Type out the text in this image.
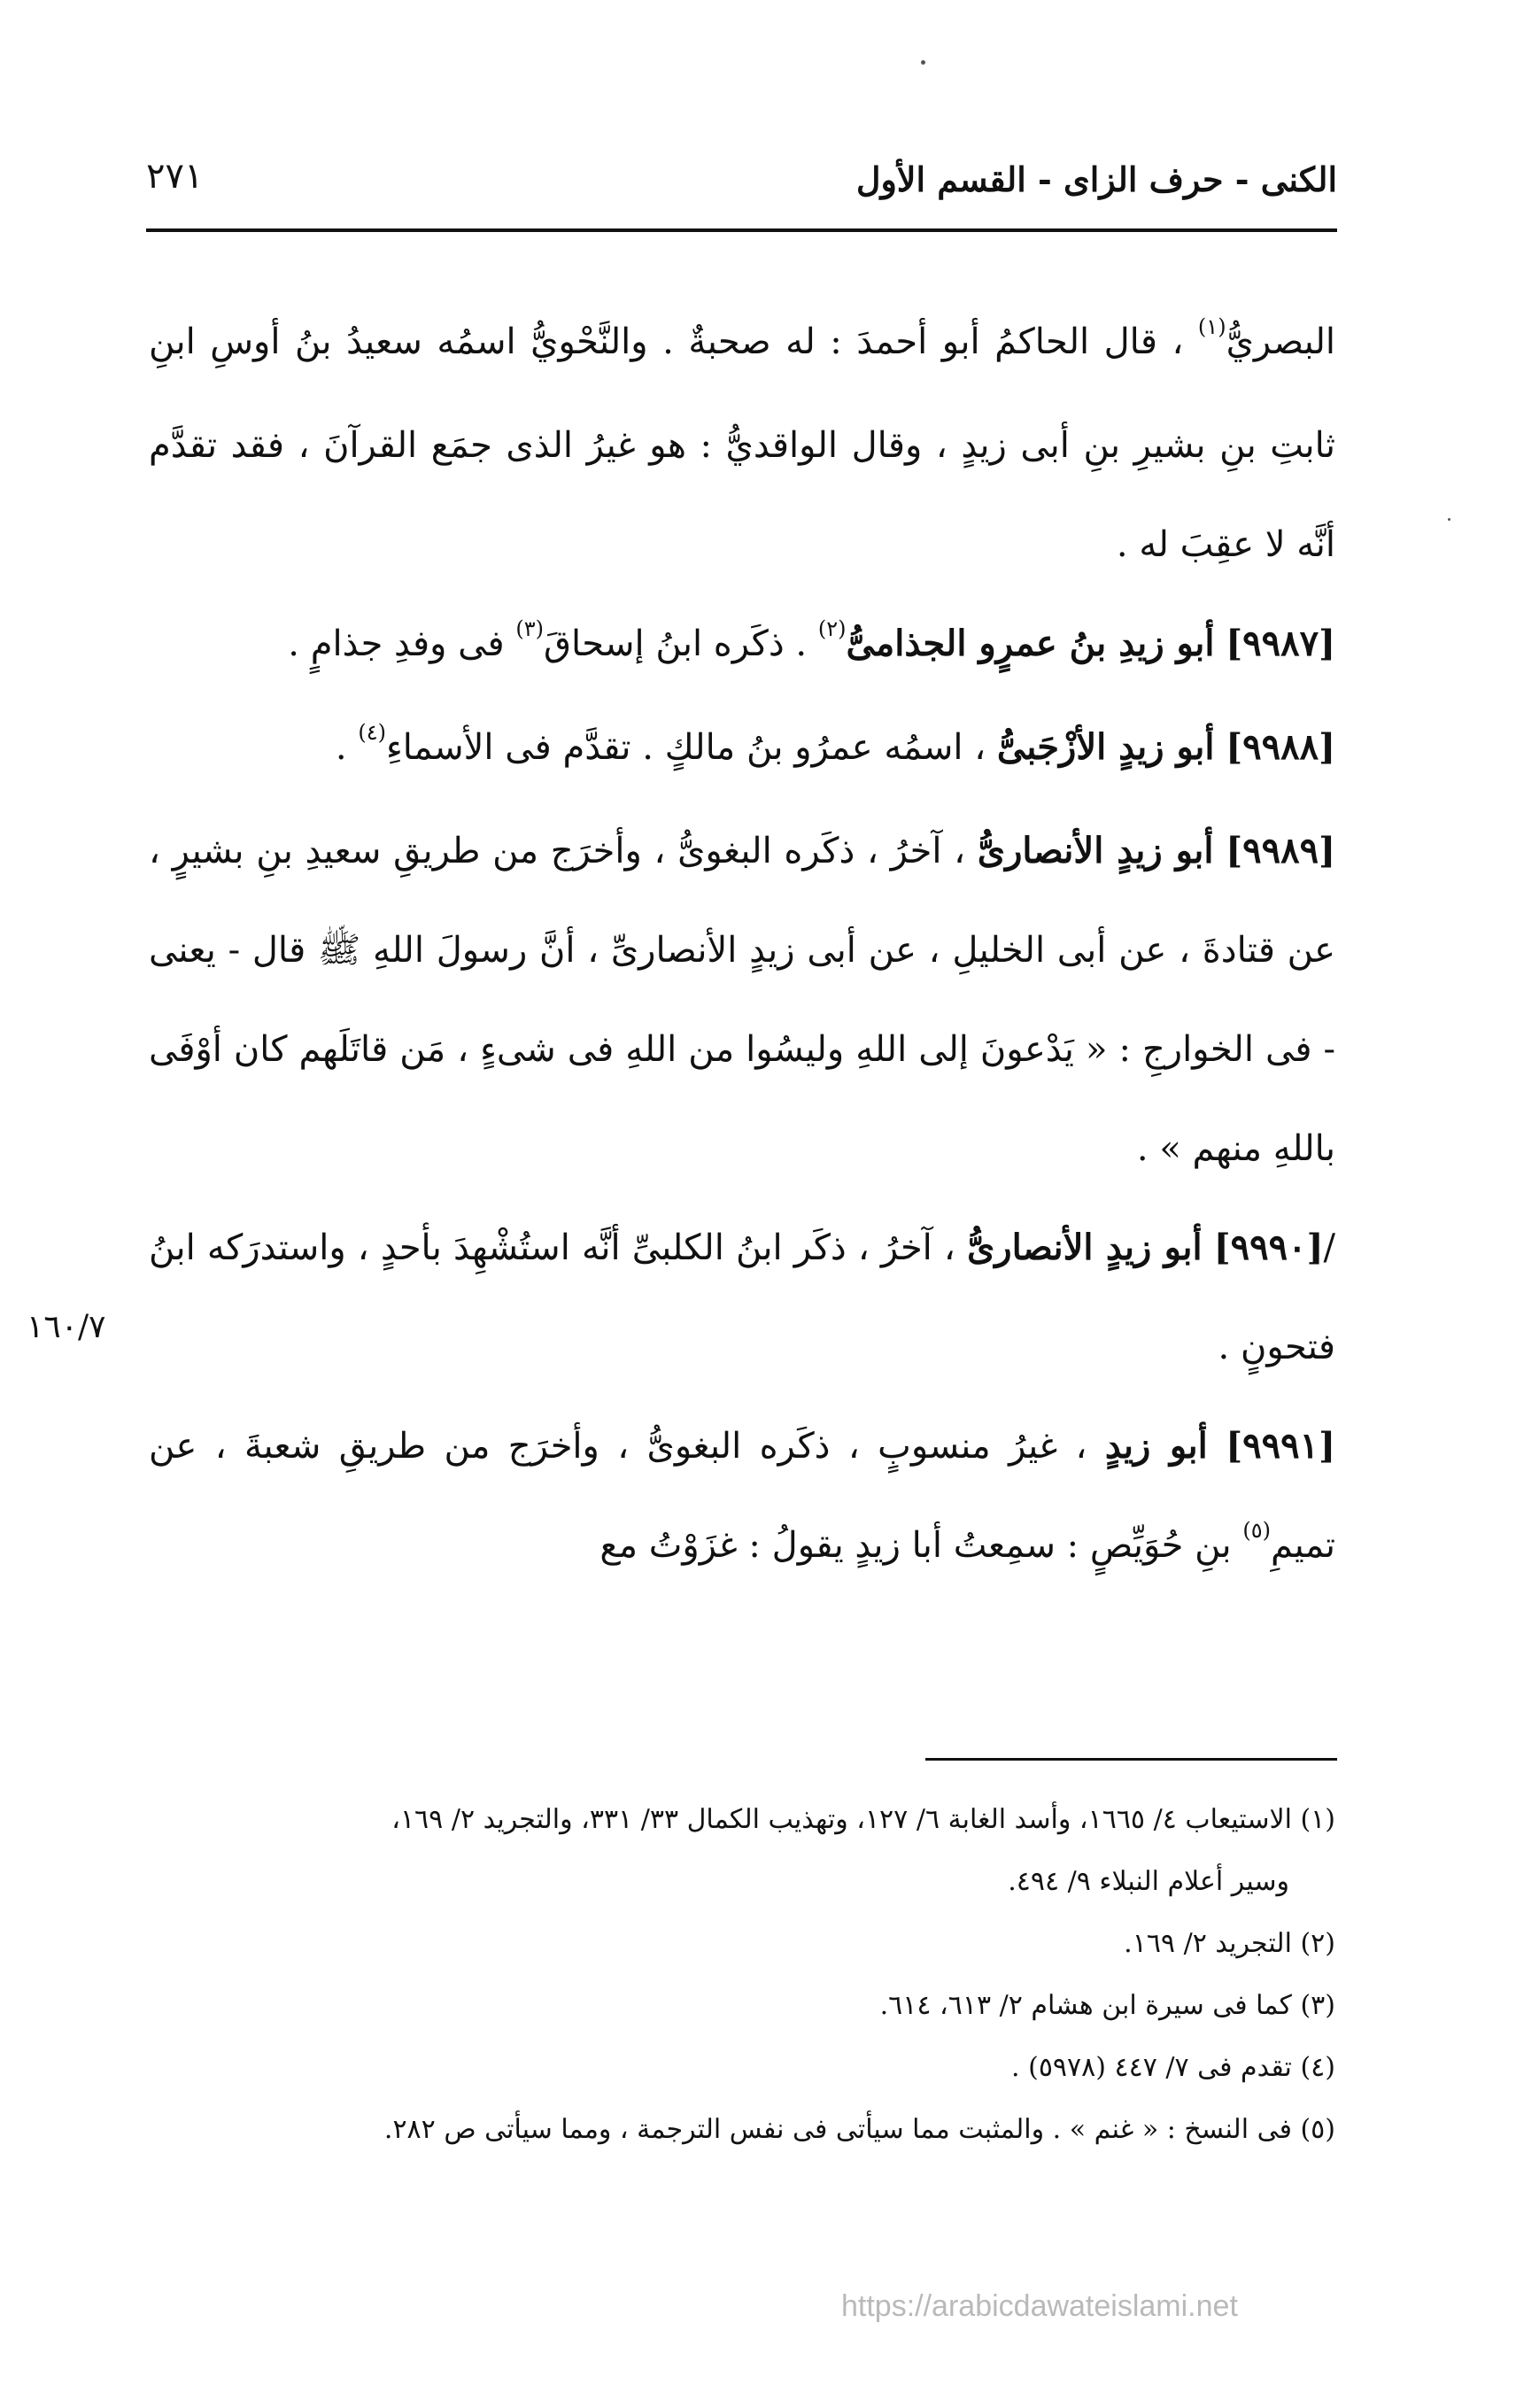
الكنى - حرف الزاى - القسم الأول
٢٧١

البصريُّ$^{(١)}$ ، قال الحاكمُ أبو أحمدَ : له صحبةٌ . والنَّحْويُّ اسمُه سعيدُ بنُ أوسِ ابنِ ثابتِ بنِ بشيرِ بنِ أبى زيدٍ ، وقال الواقديُّ : هو غيرُ الذى جمَع القرآنَ ، فقد تقدَّم أنَّه لا عقِبَ له .

[٩٩٨٧] أبو زيدِ بنُ عمرٍو الجذامىُّ$^{(٢)}$ . ذكَره ابنُ إسحاقَ$^{(٣)}$ فى وفدِ جذامٍ .

[٩٩٨٨] أبو زيدٍ الأزْجَبىُّ ، اسمُه عمرُو بنُ مالكٍ . تقدَّم فى الأسماءِ$^{(٤)}$ .

[٩٩٨٩] أبو زيدٍ الأنصارىُّ ، آخرُ ، ذكَره البغوىُّ ، وأخرَج من طريقِ سعيدِ بنِ بشيرٍ ، عن قتادةَ ، عن أبى الخليلِ ، عن أبى زيدٍ الأنصارىِّ ، أنَّ رسولَ اللهِ ﷺ قال - يعنى - فى الخوارجِ : « يَدْعونَ إلى اللهِ وليسُوا من اللهِ فى شىءٍ ، مَن قاتَلَهم كان أوْفَى باللهِ منهم » .

/[٩٩٩٠] أبو زيدٍ الأنصارىُّ ، آخرُ ، ذكَر ابنُ الكلبىِّ أنَّه استُشْهِدَ بأحدٍ ، واستدرَكه ابنُ فتحونٍ .

[٩٩٩١] أبو زيدٍ ، غيرُ منسوبٍ ، ذكَره البغوىُّ ، وأخرَج من طريقِ شعبةَ ، عن تميمِ$^{(٥)}$ بنِ حُوَيِّصٍ : سمِعتُ أبا زيدٍ يقولُ : غزَوْتُ مع

١٦٠/٧

(١) الاستيعاب ٤/ ١٦٦٥، وأسد الغابة ٦/ ١٢٧، وتهذيب الكمال ٣٣/ ٣٣١، والتجريد ٢/ ١٦٩،

وسير أعلام النبلاء ٩/ ٤٩٤.

(٢) التجريد ٢/ ١٦٩.

(٣) كما فى سيرة ابن هشام ٢/ ٦١٣، ٦١٤.

(٤) تقدم فى ٧/ ٤٤٧ (٥٩٧٨) .

(٥) فى النسخ : « غنم » . والمثبت مما سيأتى فى نفس الترجمة ، ومما سيأتى ص ٢٨٢.

https://arabicdawateislami.net
